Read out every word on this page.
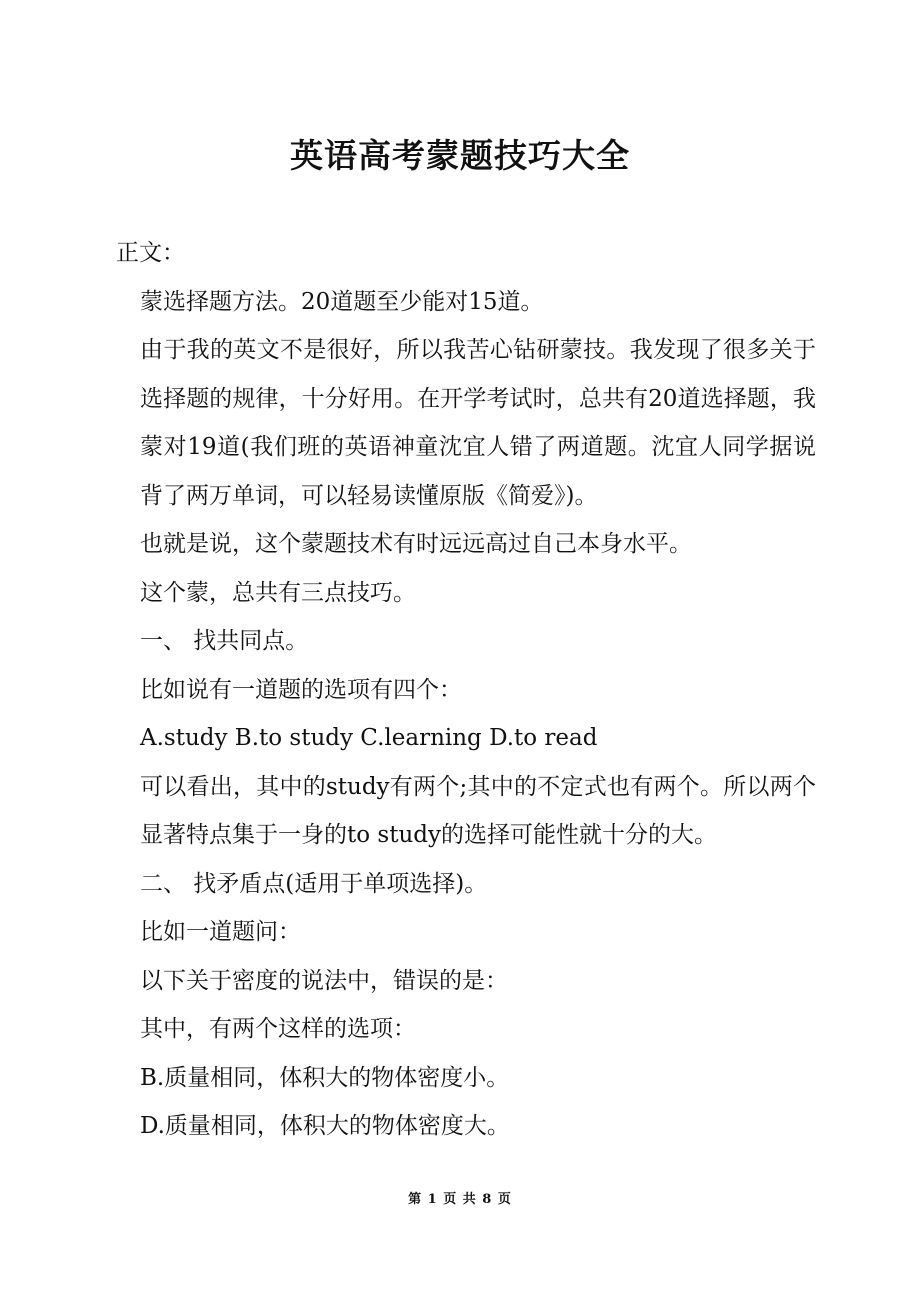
英语高考蒙题技巧大全

正文：

蒙选择题方法。20道题至少能对15道。

由于我的英文不是很好，所以我苦心钻研蒙技。我发现了很多关于选择题的规律，十分好用。在开学考试时，总共有20道选择题，我蒙对19道(我们班的英语神童沈宜人错了两道题。沈宜人同学据说背了两万单词，可以轻易读懂原版《简爱》)。

也就是说，这个蒙题技术有时远远高过自己本身水平。

这个蒙，总共有三点技巧。

一、 找共同点。

比如说有一道题的选项有四个：

A.study B.to study C.learning D.to read

可以看出，其中的study有两个;其中的不定式也有两个。所以两个显著特点集于一身的to study的选择可能性就十分的大。

二、 找矛盾点(适用于单项选择)。

比如一道题问：

以下关于密度的说法中，错误的是：

其中，有两个这样的选项：

B.质量相同，体积大的物体密度小。

D.质量相同，体积大的物体密度大。

第 1 页 共 8 页
